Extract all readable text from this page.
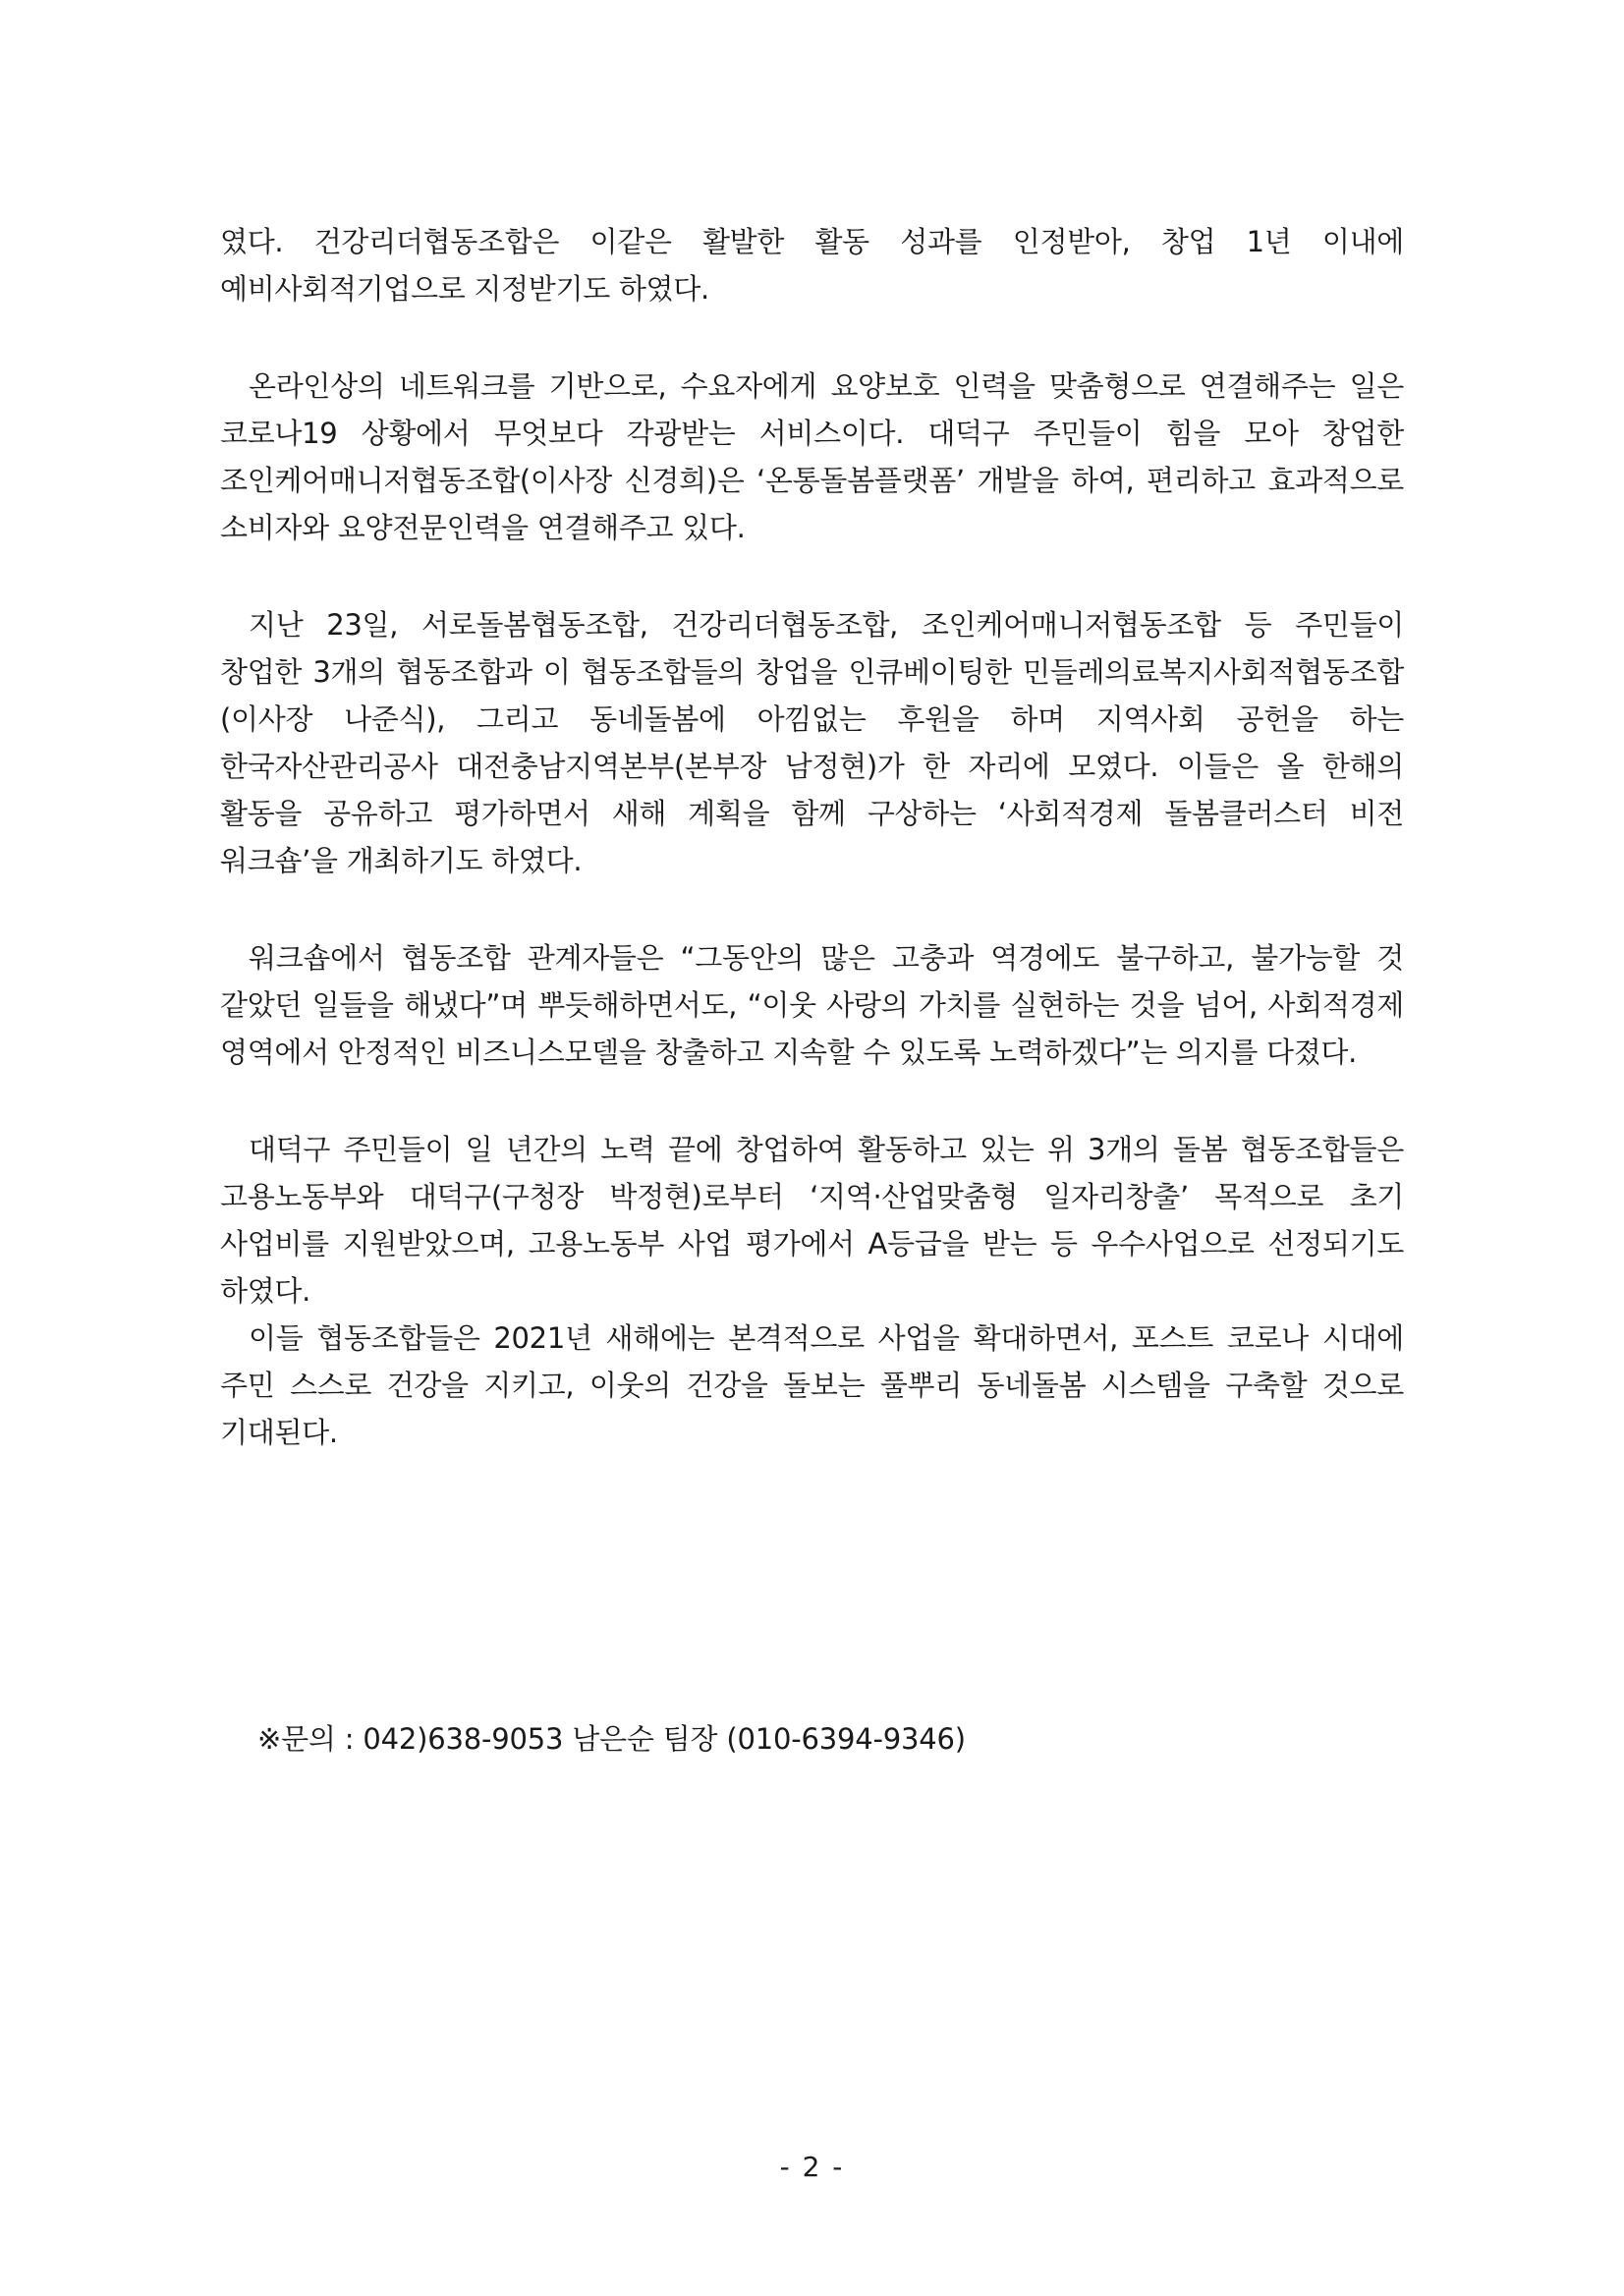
였다. 건강리더협동조합은 이같은 활발한 활동 성과를 인정받아, 창업 1년 이내에 예비사회적기업으로 지정받기도 하였다.

온라인상의 네트워크를 기반으로, 수요자에게 요양보호 인력을 맞춤형으로 연결해주는 일은 코로나19 상황에서 무엇보다 각광받는 서비스이다. 대덕구 주민들이 힘을 모아 창업한 조인케어매니저협동조합(이사장 신경희)은 ‘온통돌봄플랫폼’ 개발을 하여, 편리하고 효과적으로 소비자와 요양전문인력을 연결해주고 있다.

지난 23일, 서로돌봄협동조합, 건강리더협동조합, 조인케어매니저협동조합 등 주민들이 창업한 3개의 협동조합과 이 협동조합들의 창업을 인큐베이팅한 민들레의료복지사회적협동조합(이사장 나준식), 그리고 동네돌봄에 아낌없는 후원을 하며 지역사회 공헌을 하는 한국자산관리공사 대전충남지역본부(본부장 남정현)가 한 자리에 모였다. 이들은 올 한해의 활동을 공유하고 평가하면서 새해 계획을 함께 구상하는 ‘사회적경제 돌봄클러스터 비전 워크숍’을 개최하기도 하였다.

워크숍에서 협동조합 관계자들은 “그동안의 많은 고충과 역경에도 불구하고, 불가능할 것 같았던 일들을 해냈다”며 뿌듯해하면서도, “이웃 사랑의 가치를 실현하는 것을 넘어, 사회적경제 영역에서 안정적인 비즈니스모델을 창출하고 지속할 수 있도록 노력하겠다”는 의지를 다졌다.

대덕구 주민들이 일 년간의 노력 끝에 창업하여 활동하고 있는 위 3개의 돌봄 협동조합들은 고용노동부와 대덕구(구청장 박정현)로부터 ‘지역·산업맞춤형 일자리창출’ 목적으로 초기 사업비를 지원받았으며, 고용노동부 사업 평가에서 A등급을 받는 등 우수사업으로 선정되기도 하였다.

이들 협동조합들은 2021년 새해에는 본격적으로 사업을 확대하면서, 포스트 코로나 시대에 주민 스스로 건강을 지키고, 이웃의 건강을 돌보는 풀뿌리 동네돌봄 시스템을 구축할 것으로 기대된다.

※문의 : 042)638-9053 남은순 팀장 (010-6394-9346)
- 2 -
